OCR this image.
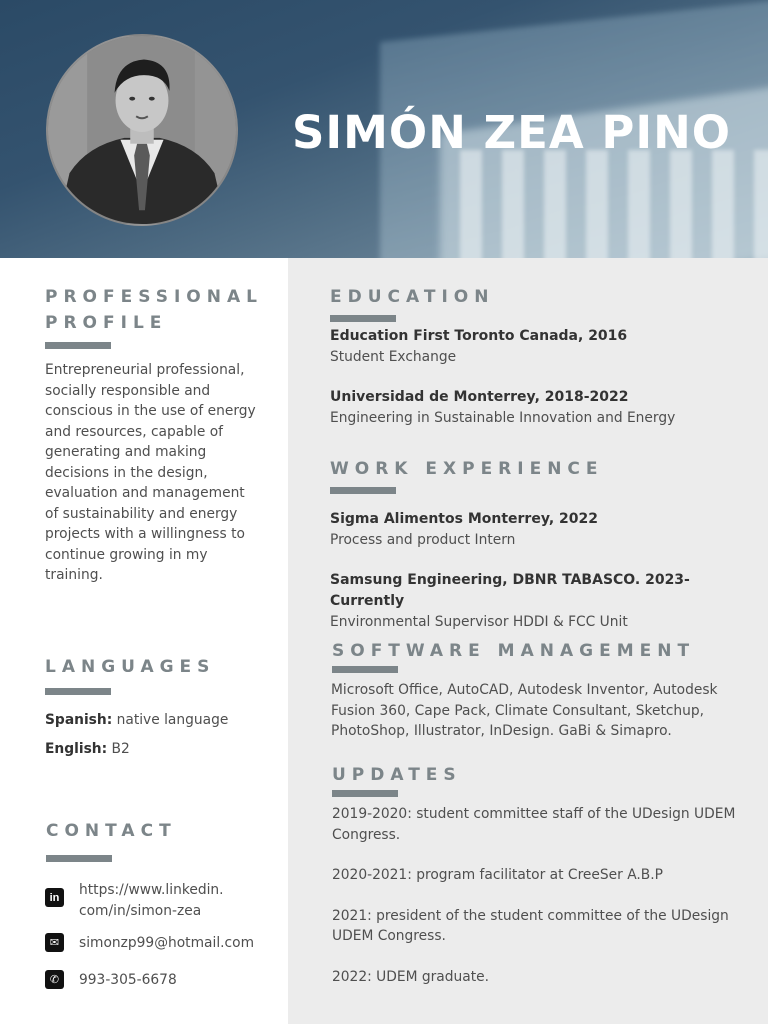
SIMÓN ZEA PINO
PROFESSIONAL PROFILE
Entrepreneurial professional, socially responsible and conscious in the use of energy and resources, capable of generating and making decisions in the design, evaluation and management of sustainability and energy projects with a willingness to continue growing in my training.
LANGUAGES
Spanish: native language
English: B2
CONTACT
in	https://www.linkedin.
com/in/simon-zea
✉	simonzp99@hotmail.com
✆	993-305-6678
EDUCATION
Education First Toronto Canada, 2016
Student Exchange
Universidad de Monterrey, 2018-2022
Engineering in Sustainable Innovation and Energy
WORK EXPERIENCE
Sigma Alimentos Monterrey, 2022
Process and product Intern
Samsung Engineering, DBNR TABASCO. 2023-Currently
Environmental Supervisor HDDI & FCC Unit
SOFTWARE MANAGEMENT
Microsoft Office, AutoCAD, Autodesk Inventor, Autodesk Fusion 360, Cape Pack, Climate Consultant, Sketchup, PhotoShop, Illustrator, InDesign. GaBi & Simapro.
UPDATES
2019-2020: student committee staff of the UDesign UDEM Congress.
2020-2021: program facilitator at CreeSer A.B.P
2021: president of the student committee of the UDesign UDEM Congress.
2022: UDEM graduate.
